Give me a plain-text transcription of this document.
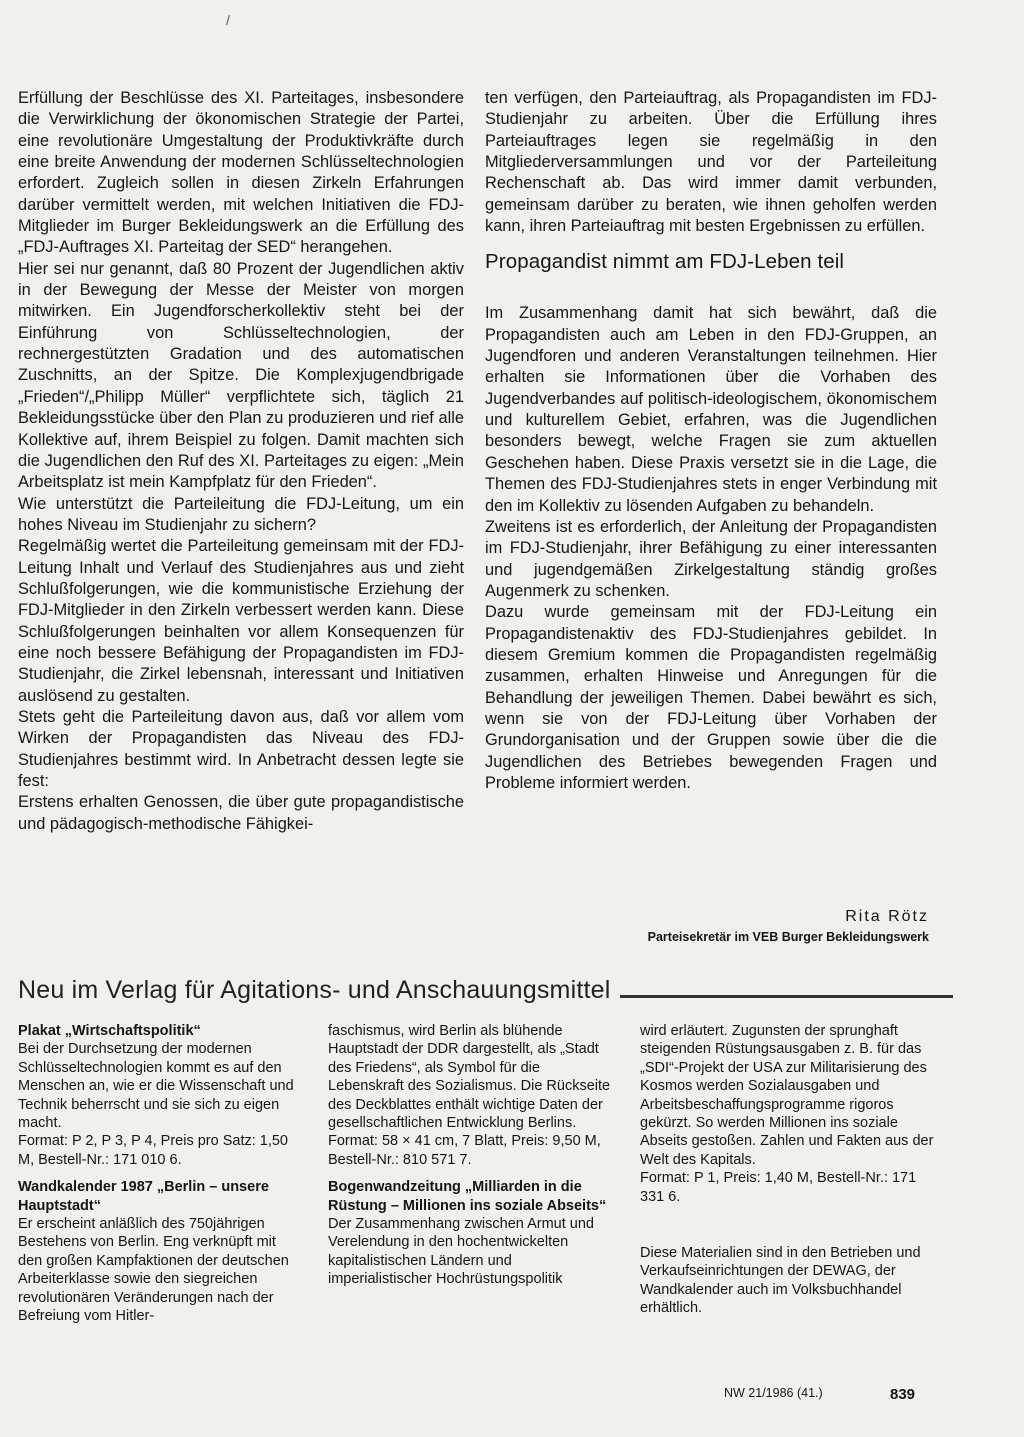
/

Erfüllung der Beschlüsse des XI. Parteitages, insbesondere die Verwirklichung der ökonomischen Strategie der Partei, eine revolutionäre Umgestaltung der Produktivkräfte durch eine breite Anwendung der modernen Schlüsseltechnologien erfordert. Zugleich sollen in diesen Zirkeln Erfahrungen darüber vermittelt werden, mit welchen Initiativen die FDJ-Mitglieder im Burger Bekleidungswerk an die Erfüllung des „FDJ-Auftrages XI. Parteitag der SED“ herangehen.

Hier sei nur genannt, daß 80 Prozent der Jugendlichen aktiv in der Bewegung der Messe der Meister von morgen mitwirken. Ein Jugendforscherkollektiv steht bei der Einführung von Schlüsseltechnologien, der rechnergestützten Gradation und des automatischen Zuschnitts, an der Spitze. Die Komplexjugendbrigade „Frieden“/„Philipp Müller“ verpflichtete sich, täglich 21 Bekleidungsstücke über den Plan zu produzieren und rief alle Kollektive auf, ihrem Beispiel zu folgen. Damit machten sich die Jugendlichen den Ruf des XI. Parteitages zu eigen: „Mein Arbeitsplatz ist mein Kampfplatz für den Frieden“.

Wie unterstützt die Parteileitung die FDJ-Leitung, um ein hohes Niveau im Studienjahr zu sichern?

Regelmäßig wertet die Parteileitung gemeinsam mit der FDJ-Leitung Inhalt und Verlauf des Studienjahres aus und zieht Schlußfolgerungen, wie die kommunistische Erziehung der FDJ-Mitglieder in den Zirkeln verbessert werden kann. Diese Schlußfolgerungen beinhalten vor allem Konsequenzen für eine noch bessere Befähigung der Propagandisten im FDJ-Studienjahr, die Zirkel lebensnah, interessant und Initiativen auslösend zu gestalten.

Stets geht die Parteileitung davon aus, daß vor allem vom Wirken der Propagandisten das Niveau des FDJ-Studienjahres bestimmt wird. In Anbetracht dessen legte sie fest:

Erstens erhalten Genossen, die über gute propagandistische und pädagogisch-methodische Fähigkei-

ten verfügen, den Parteiauftrag, als Propagandisten im FDJ-Studienjahr zu arbeiten. Über die Erfüllung ihres Parteiauftrages legen sie regelmäßig in den Mitgliederversammlungen und vor der Parteileitung Rechenschaft ab. Das wird immer damit verbunden, gemeinsam darüber zu beraten, wie ihnen geholfen werden kann, ihren Parteiauftrag mit besten Ergebnissen zu erfüllen.

Propagandist nimmt am FDJ-Leben teil

Im Zusammenhang damit hat sich bewährt, daß die Propagandisten auch am Leben in den FDJ-Gruppen, an Jugendforen und anderen Veranstaltungen teilnehmen. Hier erhalten sie Informationen über die Vorhaben des Jugendverbandes auf politisch-ideologischem, ökonomischem und kulturellem Gebiet, erfahren, was die Jugendlichen besonders bewegt, welche Fragen sie zum aktuellen Geschehen haben. Diese Praxis versetzt sie in die Lage, die Themen des FDJ-Studienjahres stets in enger Verbindung mit den im Kollektiv zu lösenden Aufgaben zu behandeln.

Zweitens ist es erforderlich, der Anleitung der Propagandisten im FDJ-Studienjahr, ihrer Befähigung zu einer interessanten und jugendgemäßen Zirkelgestaltung ständig großes Augenmerk zu schenken.

Dazu wurde gemeinsam mit der FDJ-Leitung ein Propagandistenaktiv des FDJ-Studienjahres gebildet. In diesem Gremium kommen die Propagandisten regelmäßig zusammen, erhalten Hinweise und Anregungen für die Behandlung der jeweiligen Themen. Dabei bewährt es sich, wenn sie von der FDJ-Leitung über Vorhaben der Grundorganisation und der Gruppen sowie über die die Jugendlichen des Betriebes bewegenden Fragen und Probleme informiert werden.

Rita Rötz
Parteisekretär im VEB Burger Bekleidungswerk
Neu im Verlag für Agitations- und Anschauungsmittel
Plakat „Wirtschaftspolitik“

Bei der Durchsetzung der modernen Schlüsseltechnologien kommt es auf den Menschen an, wie er die Wissenschaft und Technik beherrscht und sie sich zu eigen macht.

Format: P 2, P 3, P 4, Preis pro Satz: 1,50 M, Bestell-Nr.: 171 010 6.

Wandkalender 1987 „Berlin – unsere Hauptstadt“

Er erscheint anläßlich des 750jährigen Bestehens von Berlin. Eng verknüpft mit den großen Kampfaktionen der deutschen Arbeiterklasse sowie den siegreichen revolutionären Veränderungen nach der Befreiung vom Hitler-

faschismus, wird Berlin als blühende Hauptstadt der DDR dargestellt, als „Stadt des Friedens“, als Symbol für die Lebenskraft des Sozialismus. Die Rückseite des Deckblattes enthält wichtige Daten der gesellschaftlichen Entwicklung Berlins.

Format: 58 × 41 cm, 7 Blatt, Preis: 9,50 M, Bestell-Nr.: 810 571 7.

Bogenwandzeitung „Milliarden in die Rüstung – Millionen ins soziale Abseits“

Der Zusammenhang zwischen Armut und Verelendung in den hochentwickelten kapitalistischen Ländern und imperialistischer Hochrüstungspolitik

wird erläutert. Zugunsten der sprunghaft steigenden Rüstungsausgaben z. B. für das „SDI“-Projekt der USA zur Militarisierung des Kosmos werden Sozialausgaben und Arbeitsbeschaffungsprogramme rigoros gekürzt. So werden Millionen ins soziale Abseits gestoßen. Zahlen und Fakten aus der Welt des Kapitals.

Format: P 1, Preis: 1,40 M, Bestell-Nr.: 171 331 6.

Diese Materialien sind in den Betrieben und Verkaufseinrichtungen der DEWAG, der Wandkalender auch im Volksbuchhandel erhältlich.

NW 21/1986 (41.)	839
